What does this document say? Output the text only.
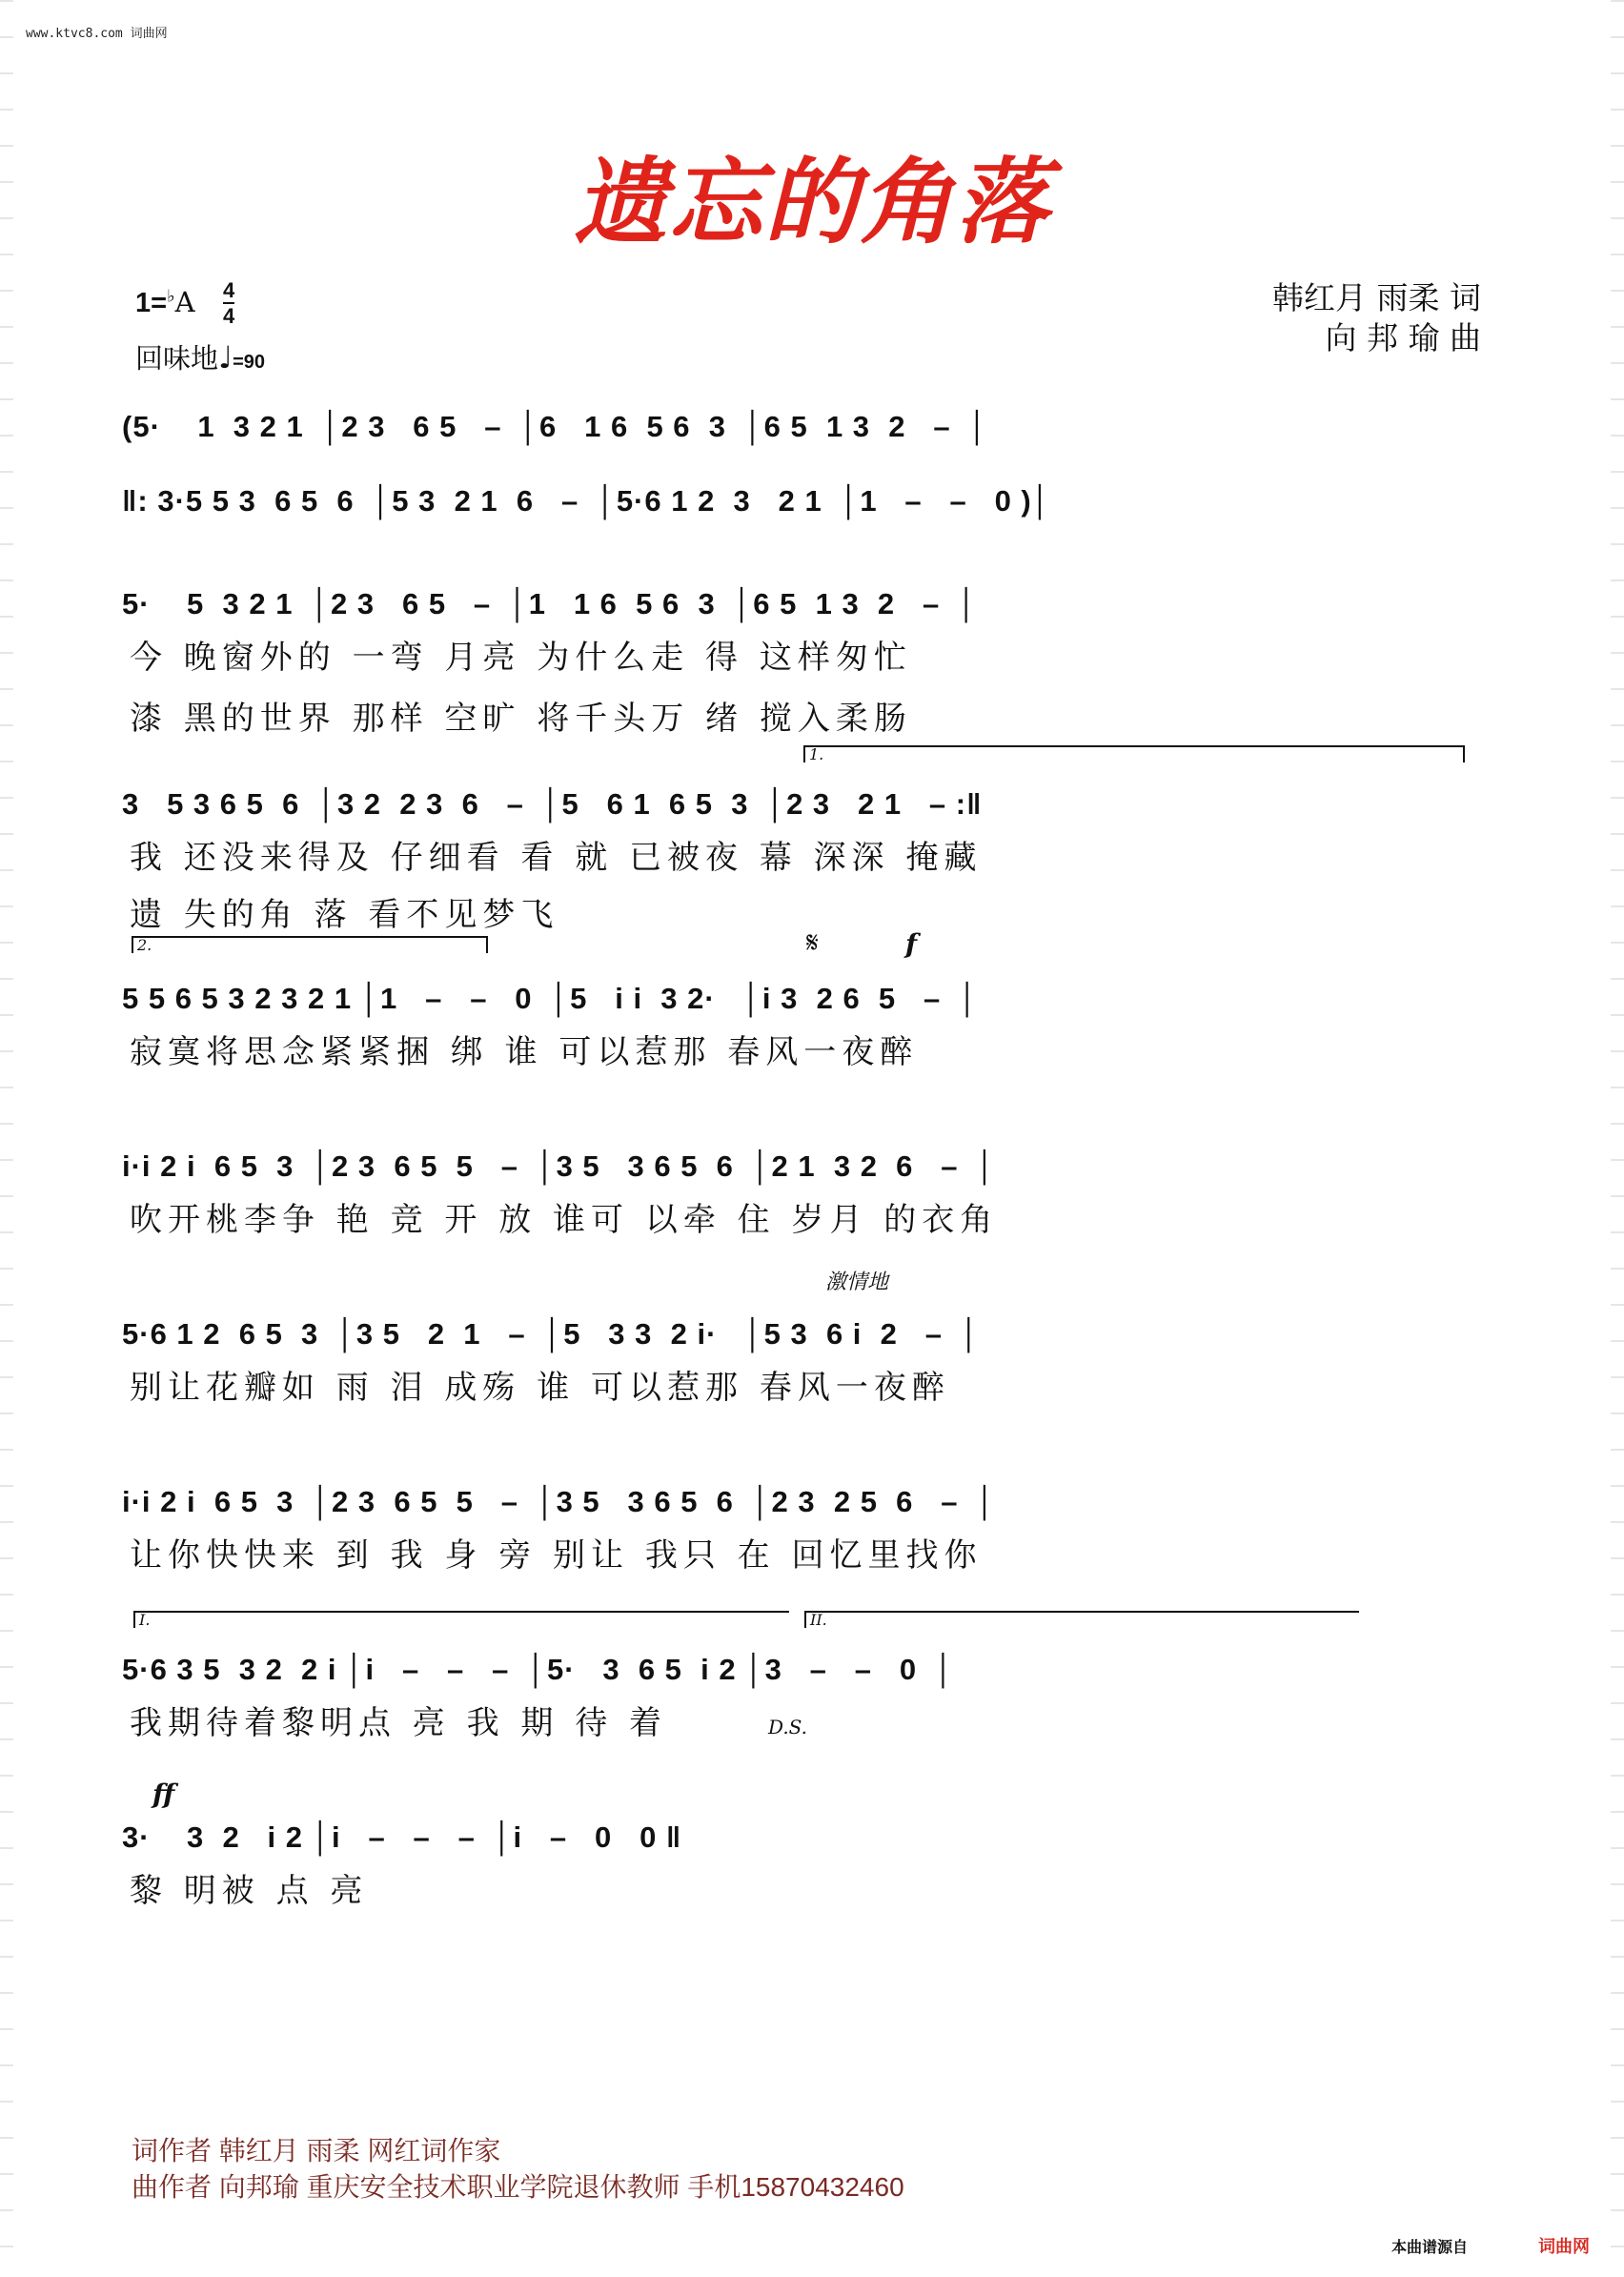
www.ktvc8.com 词曲网
遗忘的角落
1=♭A 4
4
回味地♩=90
韩红月 雨柔 词
向 邦 瑜 曲
(5·    1  3 2 1  │2 3   6 5   –  │6   1 6  5 6  3  │6 5  1 3  2   –  │
‖: 3·5 5 3  6 5  6  │5 3  2 1  6   –  │5·6 1 2  3   2 1  │1   –   –   0 )│
5·    5  3 2 1  │2 3   6 5   –  │1   1 6  5 6  3  │6 5  1 3  2   –  │
今 晚窗外的 一弯 月亮 为什么走 得 这样匆忙
漆 黑的世界 那样 空旷 将千头万 绪 搅入柔肠
1.
3   5 3 6 5  6  │3 2  2 3  6   –  │5   6 1  6 5  3  │2 3   2 1   – :‖
我 还没来得及 仔细看 看 就 已被夜 幕 深深 掩藏
遗 失的角 落 看不见梦飞
2.	𝄋	f
5 5 6 5 3 2 3 2 1 │1   –   –   0  │5   i i  3 2·   │i 3  2 6  5   –  │
寂寞将思念紧紧捆 绑 谁 可以惹那 春风一夜醉
i·i 2 i  6 5  3  │2 3  6 5  5   –  │3 5   3 6 5  6  │2 1  3 2  6   –  │
吹开桃李争 艳 竞 开 放 谁可 以牵 住 岁月 的衣角
激情地
5·6 1 2  6 5  3  │3 5   2  1   –  │5   3 3  2 i·   │5 3  6 i  2   –  │
别让花瓣如 雨 泪 成殇 谁 可以惹那 春风一夜醉
i·i 2 i  6 5  3  │2 3  6 5  5   –  │3 5   3 6 5  6  │2 3  2 5  6   –  │
让你快快来 到 我 身 旁 别让 我只 在 回忆里找你
I.	II.
5·6 3 5  3 2  2 i │i   –   –   –  │5·   3  6 5  i 2 │3   –   –   0  │
我期待着黎明点 亮 我 期 待 着	D.S.
ff
3·    3  2   i 2 │i   –   –   –  │i   –   0   0 ‖
黎 明被 点 亮
词作者 韩红月 雨柔 网红词作家
曲作者 向邦瑜 重庆安全技术职业学院退休教师 手机15870432460
本曲谱源自	词曲网
